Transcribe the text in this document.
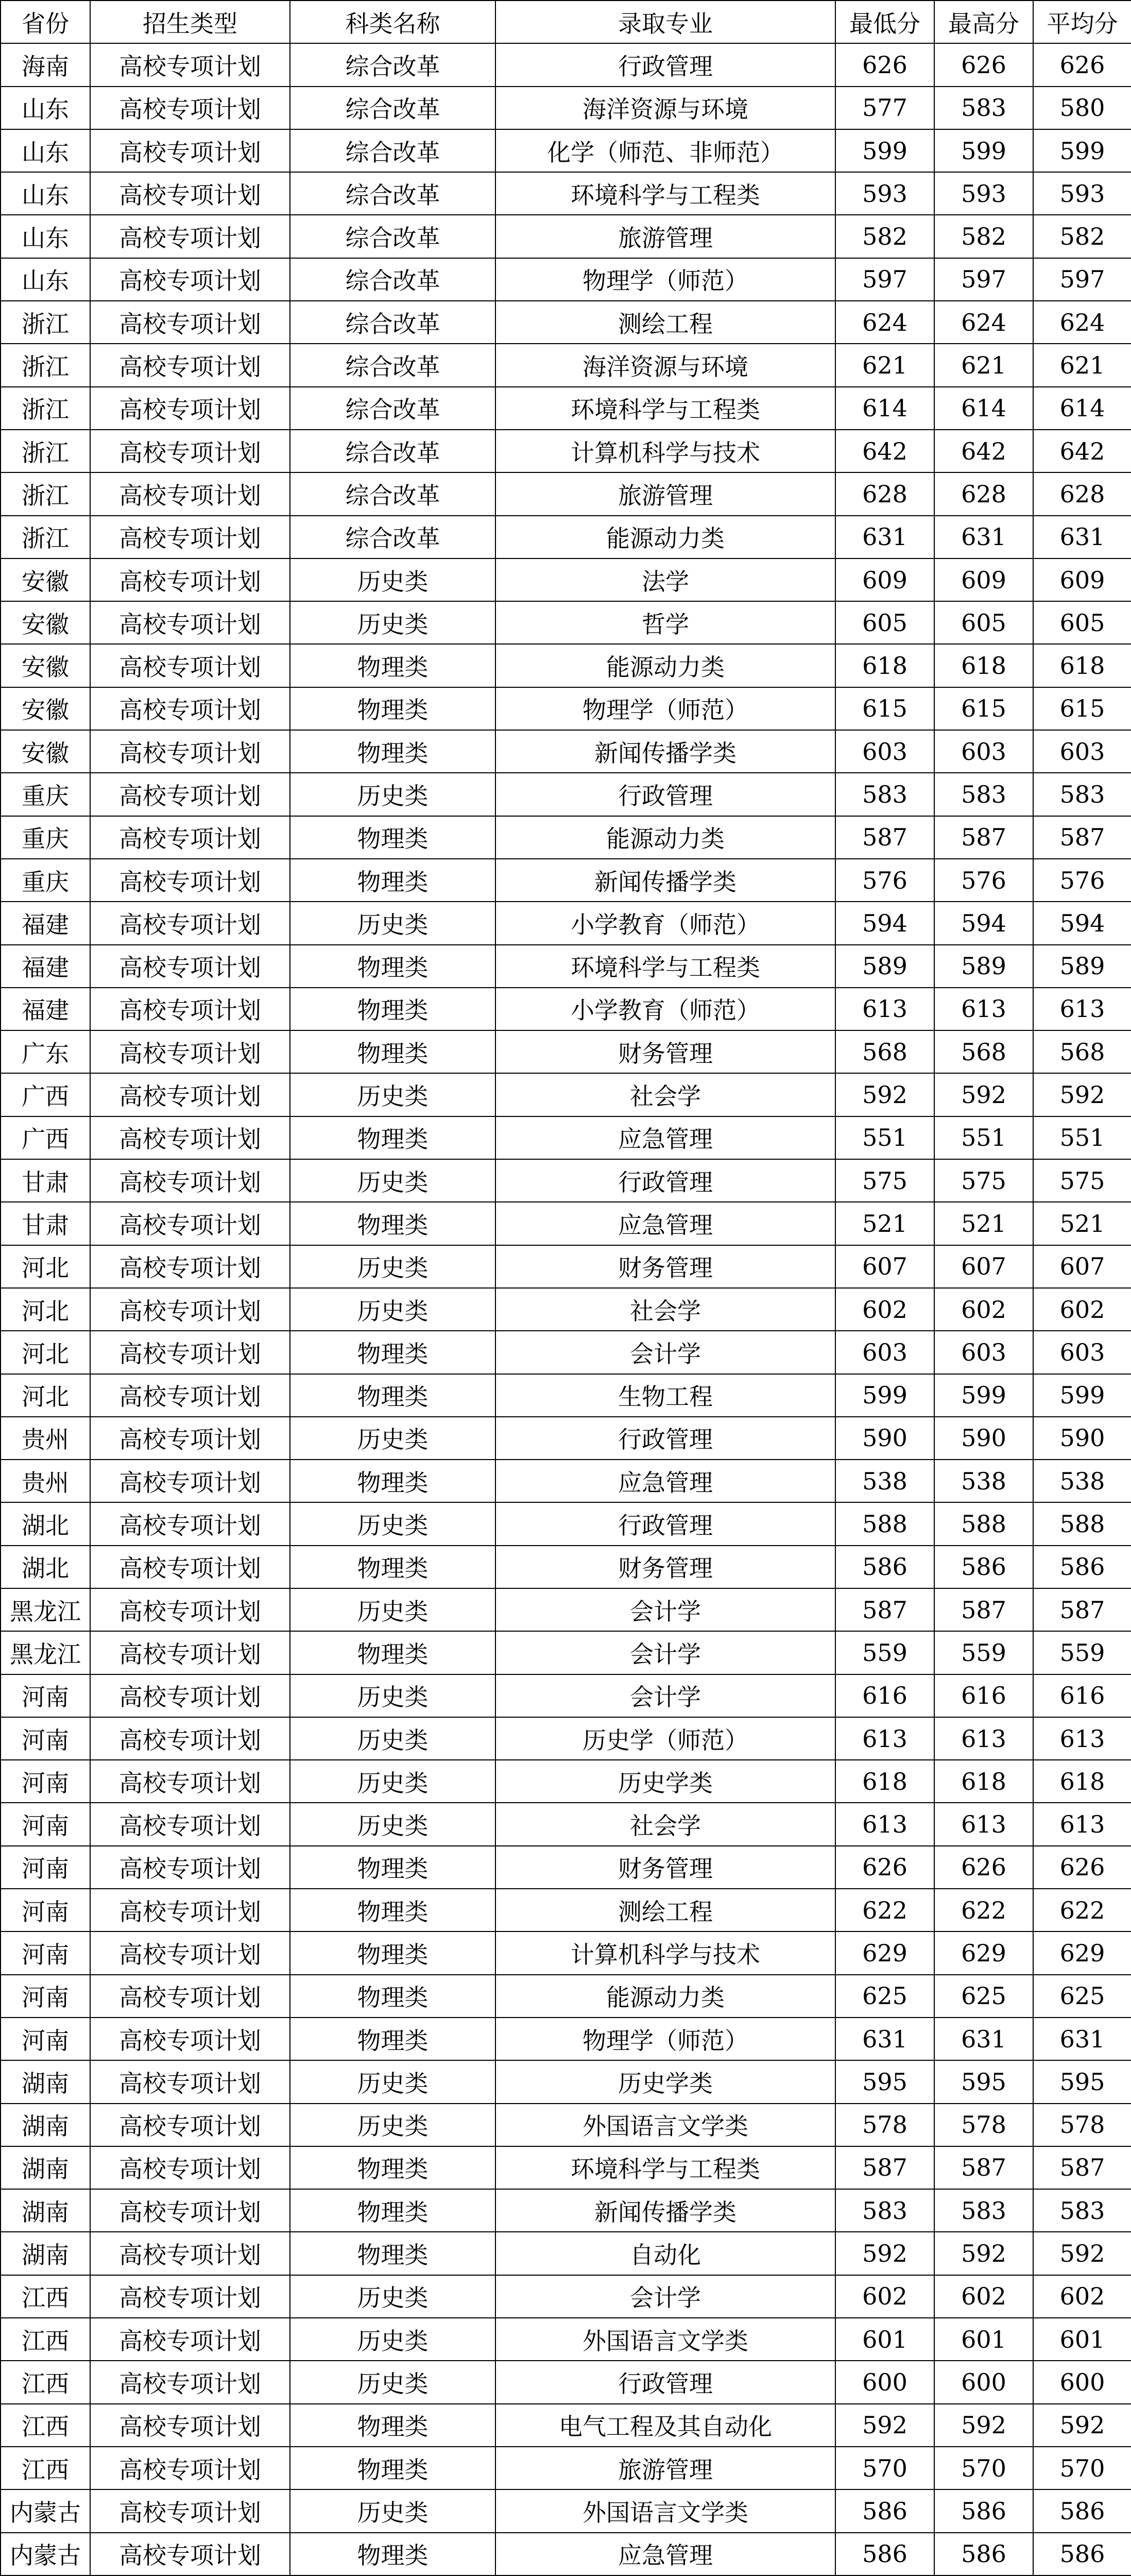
省份	招生类型	科类名称	录取专业	最低分	最高分	平均分
海南	高校专项计划	综合改革	行政管理	626	626	626
山东	高校专项计划	综合改革	海洋资源与环境	577	583	580
山东	高校专项计划	综合改革	化学（师范、非师范）	599	599	599
山东	高校专项计划	综合改革	环境科学与工程类	593	593	593
山东	高校专项计划	综合改革	旅游管理	582	582	582
山东	高校专项计划	综合改革	物理学（师范）	597	597	597
浙江	高校专项计划	综合改革	测绘工程	624	624	624
浙江	高校专项计划	综合改革	海洋资源与环境	621	621	621
浙江	高校专项计划	综合改革	环境科学与工程类	614	614	614
浙江	高校专项计划	综合改革	计算机科学与技术	642	642	642
浙江	高校专项计划	综合改革	旅游管理	628	628	628
浙江	高校专项计划	综合改革	能源动力类	631	631	631
安徽	高校专项计划	历史类	法学	609	609	609
安徽	高校专项计划	历史类	哲学	605	605	605
安徽	高校专项计划	物理类	能源动力类	618	618	618
安徽	高校专项计划	物理类	物理学（师范）	615	615	615
安徽	高校专项计划	物理类	新闻传播学类	603	603	603
重庆	高校专项计划	历史类	行政管理	583	583	583
重庆	高校专项计划	物理类	能源动力类	587	587	587
重庆	高校专项计划	物理类	新闻传播学类	576	576	576
福建	高校专项计划	历史类	小学教育（师范）	594	594	594
福建	高校专项计划	物理类	环境科学与工程类	589	589	589
福建	高校专项计划	物理类	小学教育（师范）	613	613	613
广东	高校专项计划	物理类	财务管理	568	568	568
广西	高校专项计划	历史类	社会学	592	592	592
广西	高校专项计划	物理类	应急管理	551	551	551
甘肃	高校专项计划	历史类	行政管理	575	575	575
甘肃	高校专项计划	物理类	应急管理	521	521	521
河北	高校专项计划	历史类	财务管理	607	607	607
河北	高校专项计划	历史类	社会学	602	602	602
河北	高校专项计划	物理类	会计学	603	603	603
河北	高校专项计划	物理类	生物工程	599	599	599
贵州	高校专项计划	历史类	行政管理	590	590	590
贵州	高校专项计划	物理类	应急管理	538	538	538
湖北	高校专项计划	历史类	行政管理	588	588	588
湖北	高校专项计划	物理类	财务管理	586	586	586
黑龙江	高校专项计划	历史类	会计学	587	587	587
黑龙江	高校专项计划	物理类	会计学	559	559	559
河南	高校专项计划	历史类	会计学	616	616	616
河南	高校专项计划	历史类	历史学（师范）	613	613	613
河南	高校专项计划	历史类	历史学类	618	618	618
河南	高校专项计划	历史类	社会学	613	613	613
河南	高校专项计划	物理类	财务管理	626	626	626
河南	高校专项计划	物理类	测绘工程	622	622	622
河南	高校专项计划	物理类	计算机科学与技术	629	629	629
河南	高校专项计划	物理类	能源动力类	625	625	625
河南	高校专项计划	物理类	物理学（师范）	631	631	631
湖南	高校专项计划	历史类	历史学类	595	595	595
湖南	高校专项计划	历史类	外国语言文学类	578	578	578
湖南	高校专项计划	物理类	环境科学与工程类	587	587	587
湖南	高校专项计划	物理类	新闻传播学类	583	583	583
湖南	高校专项计划	物理类	自动化	592	592	592
江西	高校专项计划	历史类	会计学	602	602	602
江西	高校专项计划	历史类	外国语言文学类	601	601	601
江西	高校专项计划	历史类	行政管理	600	600	600
江西	高校专项计划	物理类	电气工程及其自动化	592	592	592
江西	高校专项计划	物理类	旅游管理	570	570	570
内蒙古	高校专项计划	历史类	外国语言文学类	586	586	586
内蒙古	高校专项计划	物理类	应急管理	586	586	586
